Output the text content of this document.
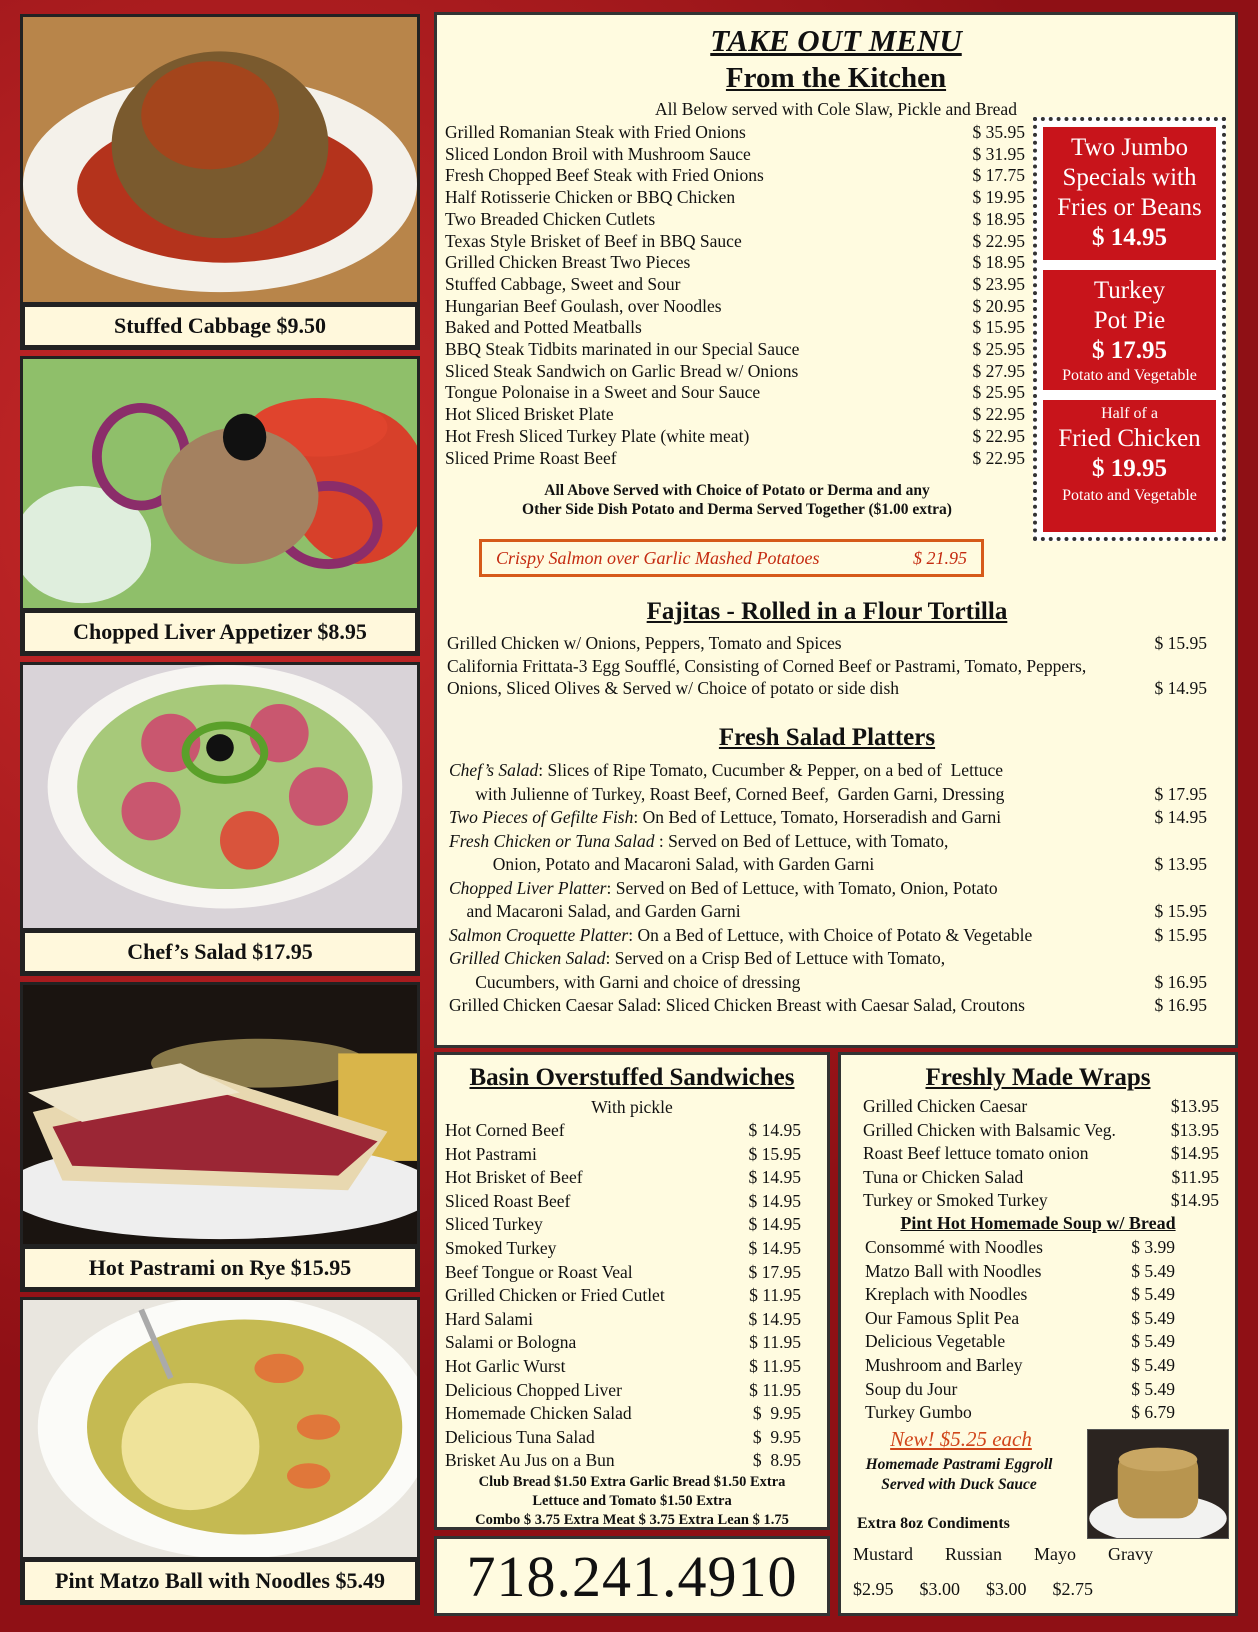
Stuffed Cabbage $9.50
Chopped Liver Appetizer $8.95
Chef’s Salad $17.95
Hot Pastrami on Rye $15.95
Pint Matzo Ball with Noodles $5.49
TAKE OUT MENU
From the Kitchen
All Below served with Cole Slaw, Pickle and Bread
Grilled Romanian Steak with Fried Onions	$ 35.95
Sliced London Broil with Mushroom Sauce	$ 31.95
Fresh Chopped Beef Steak with Fried Onions	$ 17.75
Half Rotisserie Chicken or BBQ Chicken	$ 19.95
Two Breaded Chicken Cutlets	$ 18.95
Texas Style Brisket of Beef in BBQ Sauce	$ 22.95
Grilled Chicken Breast Two Pieces	$ 18.95
Stuffed Cabbage, Sweet and Sour	$ 23.95
Hungarian Beef Goulash, over Noodles	$ 20.95
Baked and Potted Meatballs	$ 15.95
BBQ Steak Tidbits marinated in our Special Sauce	$ 25.95
Sliced Steak Sandwich on Garlic Bread w/ Onions	$ 27.95
Tongue Polonaise in a Sweet and Sour Sauce	$ 25.95
Hot Sliced Brisket Plate	$ 22.95
Hot Fresh Sliced Turkey Plate (white meat)	$ 22.95
Sliced Prime Roast Beef	$ 22.95
All Above Served with Choice of Potato or Derma and any
Other Side Dish Potato and Derma Served Together ($1.00 extra)
Crispy Salmon over Garlic Mashed Potatoes	$ 21.95
Fajitas - Rolled in a Flour Tortilla
Grilled Chicken w/ Onions, Peppers, Tomato and Spices	$ 15.95
California Frittata-3 Egg Soufflé, Consisting of Corned Beef or Pastrami, Tomato, Peppers,
Onions, Sliced Olives & Served w/ Choice of potato or side dish	$ 14.95
Fresh Salad Platters
Chef’s Salad: Slices of Ripe Tomato, Cucumber & Pepper, on a bed of  Lettuce
with Julienne of Turkey, Roast Beef, Corned Beef,  Garden Garni, Dressing	$ 17.95
Two Pieces of Gefilte Fish: On Bed of Lettuce, Tomato, Horseradish and Garni	$ 14.95
Fresh Chicken or Tuna Salad : Served on Bed of Lettuce, with Tomato,
Onion, Potato and Macaroni Salad, with Garden Garni	$ 13.95
Chopped Liver Platter: Served on Bed of Lettuce, with Tomato, Onion, Potato
and Macaroni Salad, and Garden Garni	$ 15.95
Salmon Croquette Platter: On a Bed of Lettuce, with Choice of Potato & Vegetable	$ 15.95
Grilled Chicken Salad: Served on a Crisp Bed of Lettuce with Tomato,
Cucumbers, with Garni and choice of dressing	$ 16.95
Grilled Chicken Caesar Salad: Sliced Chicken Breast with Caesar Salad, Croutons	$ 16.95
Two Jumbo
Specials with
Fries or Beans
$ 14.95
Turkey
Pot Pie
$ 17.95
Potato and Vegetable
Half of a
Fried Chicken
$ 19.95
Potato and Vegetable
Basin Overstuffed Sandwiches
With pickle
Hot Corned Beef	$ 14.95
Hot Pastrami	$ 15.95
Hot Brisket of Beef	$ 14.95
Sliced Roast Beef	$ 14.95
Sliced Turkey	$ 14.95
Smoked Turkey	$ 14.95
Beef Tongue or Roast Veal	$ 17.95
Grilled Chicken or Fried Cutlet	$ 11.95
Hard Salami	$ 14.95
Salami or Bologna	$ 11.95
Hot Garlic Wurst	$ 11.95
Delicious Chopped Liver	$ 11.95
Homemade Chicken Salad	$  9.95
Delicious Tuna Salad	$  9.95
Brisket Au Jus on a Bun	$  8.95
Club Bread $1.50 Extra Garlic Bread $1.50 Extra
Lettuce and Tomato $1.50 Extra
Combo $ 3.75 Extra Meat $ 3.75 Extra Lean $ 1.75
718.241.4910
Freshly Made Wraps
Grilled Chicken Caesar	$13.95
Grilled Chicken with Balsamic Veg.	$13.95
Roast Beef lettuce tomato onion	$14.95
Tuna or Chicken Salad	$11.95
Turkey or Smoked Turkey	$14.95
Pint Hot Homemade Soup w/ Bread
Consommé with Noodles	$ 3.99
Matzo Ball with Noodles	$ 5.49
Kreplach with Noodles	$ 5.49
Our Famous Split Pea	$ 5.49
Delicious Vegetable	$ 5.49
Mushroom and Barley	$ 5.49
Soup du Jour	$ 5.49
Turkey Gumbo	$ 6.79
New! $5.25 each
Homemade Pastrami Eggroll
Served with Duck Sauce
Extra 8oz Condiments
Mustard Russian Mayo Gravy
$2.95 $3.00 $3.00 $2.75
